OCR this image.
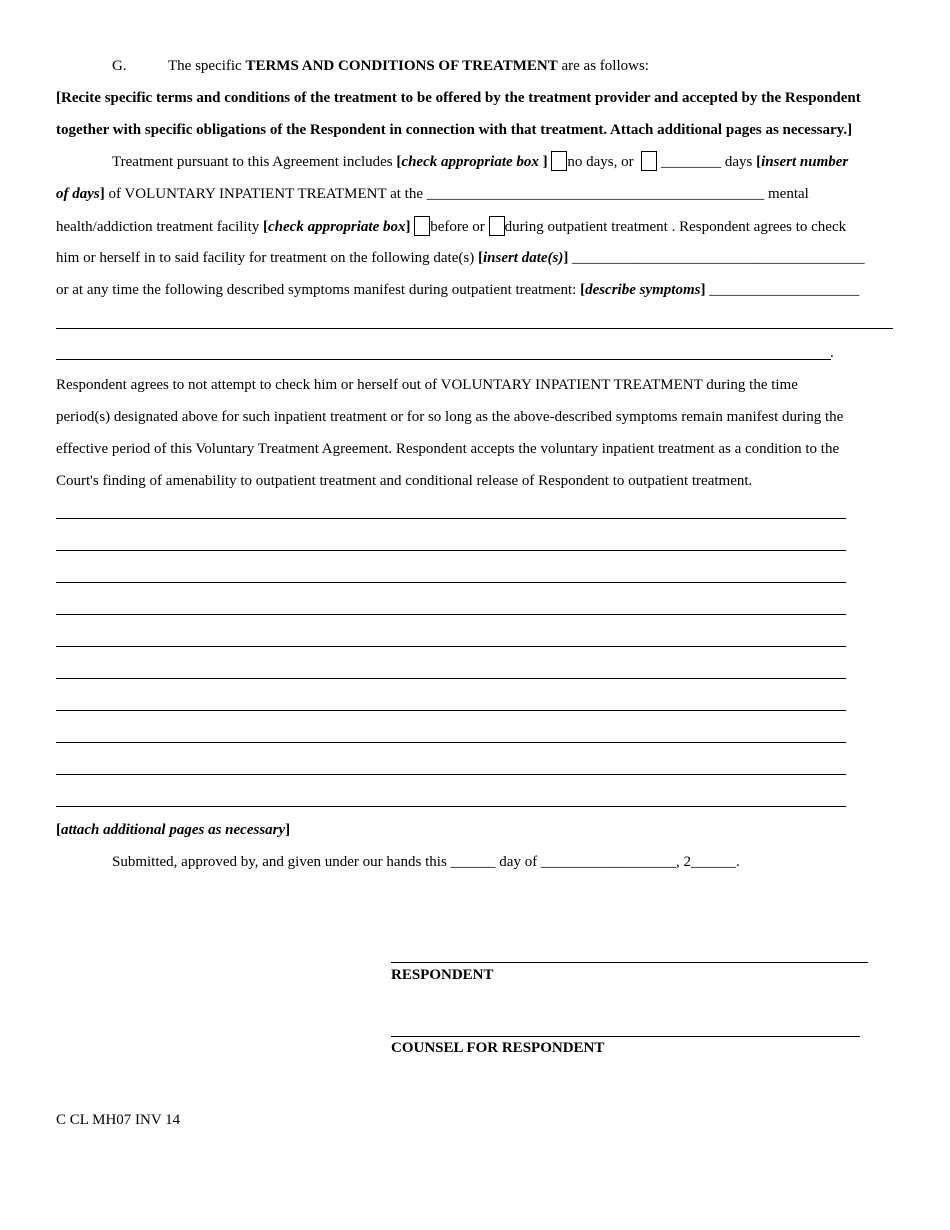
G.	The specific TERMS AND CONDITIONS OF TREATMENT are as follows:
[Recite specific terms and conditions of the treatment to be offered by the treatment provider and accepted by the Respondent
together with specific obligations of the Respondent in connection with that treatment. Attach additional pages as necessary.]
Treatment pursuant to this Agreement includes [check appropriate box ] no days, or ________ days [insert number
of days] of VOLUNTARY INPATIENT TREATMENT at the _____________________________________________ mental
health/addiction treatment facility [check appropriate box] before or during outpatient treatment . Respondent agrees to check
him or herself in to said facility for treatment on the following date(s) [insert date(s)] _______________________________________
or at any time the following described symptoms manifest during outpatient treatment: [describe symptoms] ____________________
.
Respondent agrees to not attempt to check him or herself out of VOLUNTARY INPATIENT TREATMENT during the time
period(s) designated above for such inpatient treatment or for so long as the above-described symptoms remain manifest during the
effective period of this Voluntary Treatment Agreement. Respondent accepts the voluntary inpatient treatment as a condition to the
Court's finding of amenability to outpatient treatment and conditional release of Respondent to outpatient treatment.
[attach additional pages as necessary]
Submitted, approved by, and given under our hands this ______ day of __________________, 2______.
RESPONDENT
COUNSEL FOR RESPONDENT
C CL MH07 INV 14
